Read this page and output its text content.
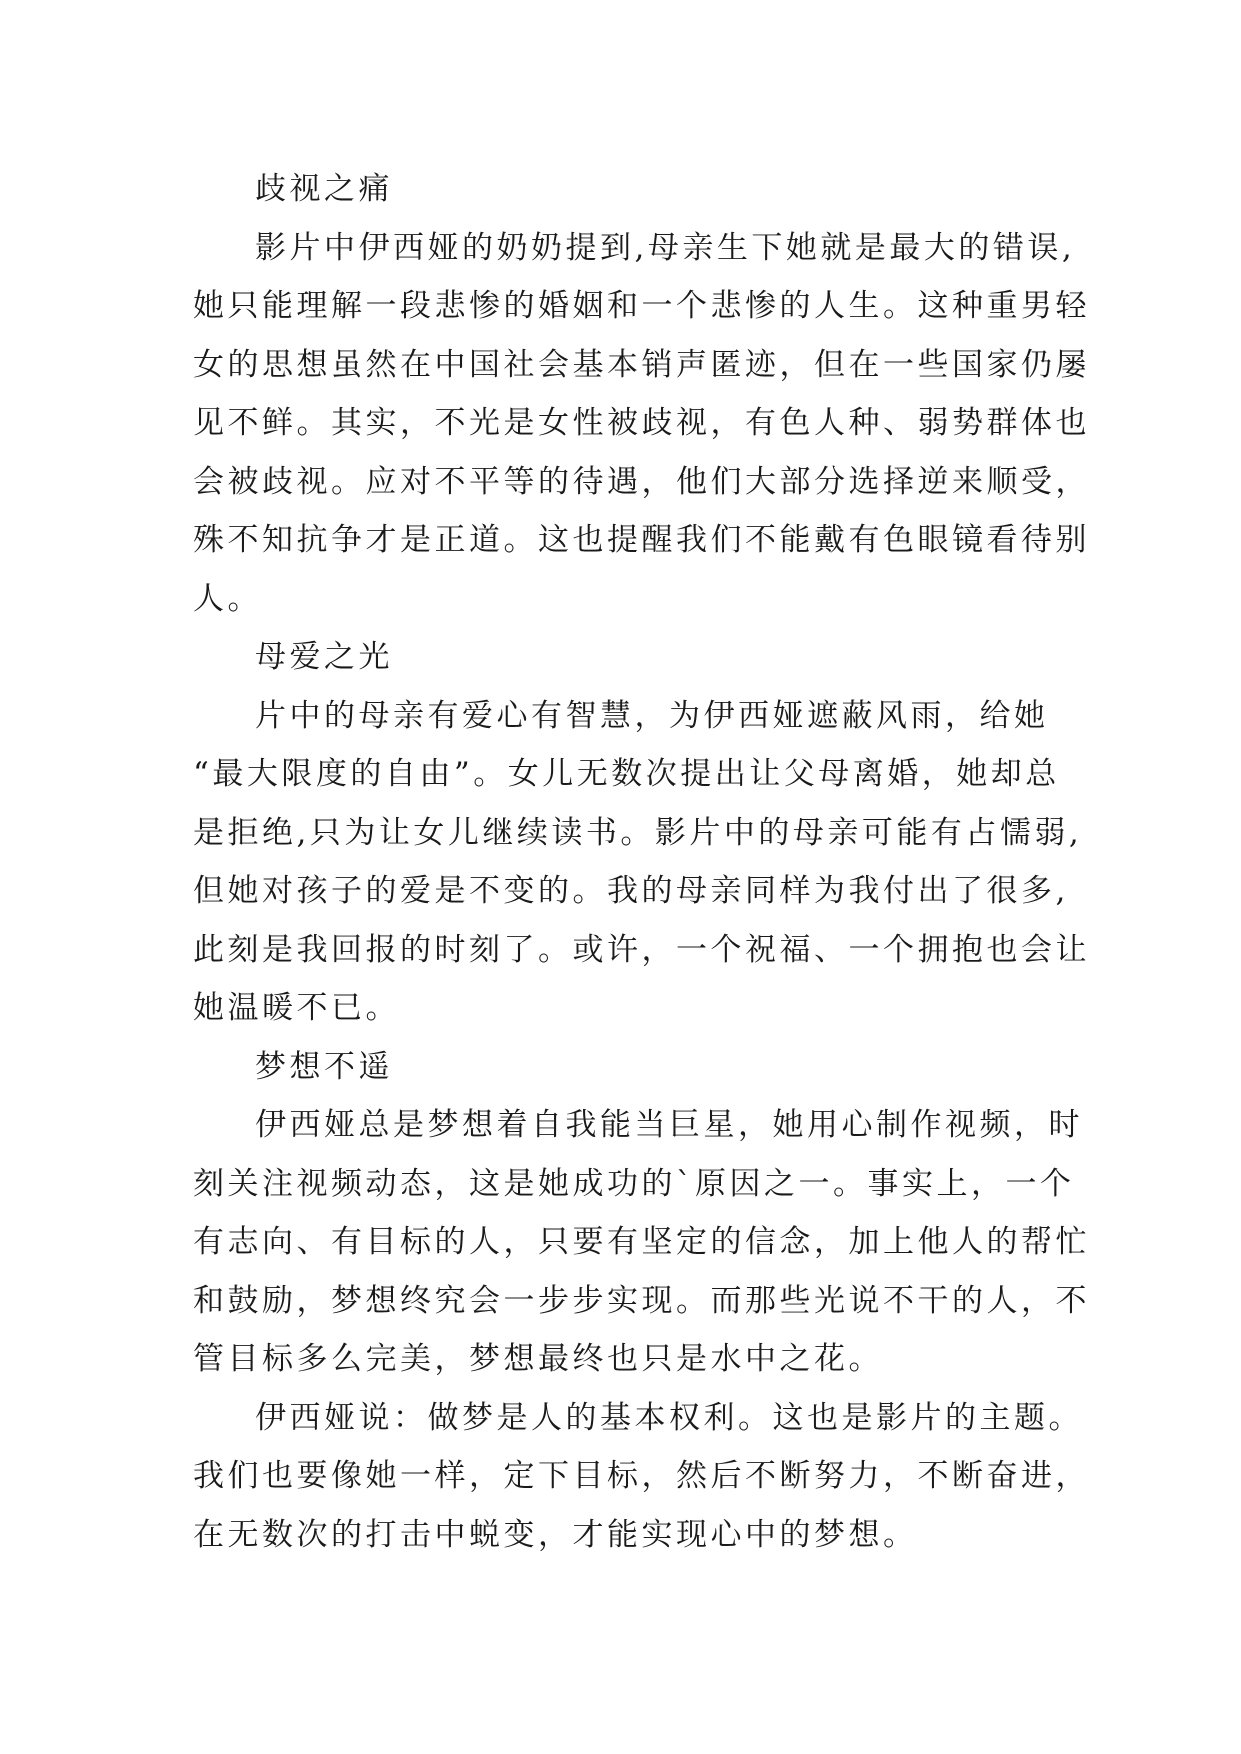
歧视之痛
影片中伊西娅的奶奶提到,母亲生下她就是最大的错误,
她只能理解一段悲惨的婚姻和一个悲惨的人生。这种重男轻
女的思想虽然在中国社会基本销声匿迹，但在一些国家仍屡
见不鲜。其实，不光是女性被歧视，有色人种、弱势群体也
会被歧视。应对不平等的待遇，他们大部分选择逆来顺受，
殊不知抗争才是正道。这也提醒我们不能戴有色眼镜看待别
人。
母爱之光
片中的母亲有爱心有智慧，为伊西娅遮蔽风雨，给她
“最大限度的自由”。女儿无数次提出让父母离婚，她却总
是拒绝,只为让女儿继续读书。影片中的母亲可能有占懦弱,
但她对孩子的爱是不变的。我的母亲同样为我付出了很多,
此刻是我回报的时刻了。或许，一个祝福、一个拥抱也会让
她温暖不已。
梦想不遥
伊西娅总是梦想着自我能当巨星，她用心制作视频，时
刻关注视频动态，这是她成功的`原因之一。事实上，一个
有志向、有目标的人，只要有坚定的信念，加上他人的帮忙
和鼓励，梦想终究会一步步实现。而那些光说不干的人，不
管目标多么完美，梦想最终也只是水中之花。
伊西娅说：做梦是人的基本权利。这也是影片的主题。
我们也要像她一样，定下目标，然后不断努力，不断奋进，
在无数次的打击中蜕变，才能实现心中的梦想。
